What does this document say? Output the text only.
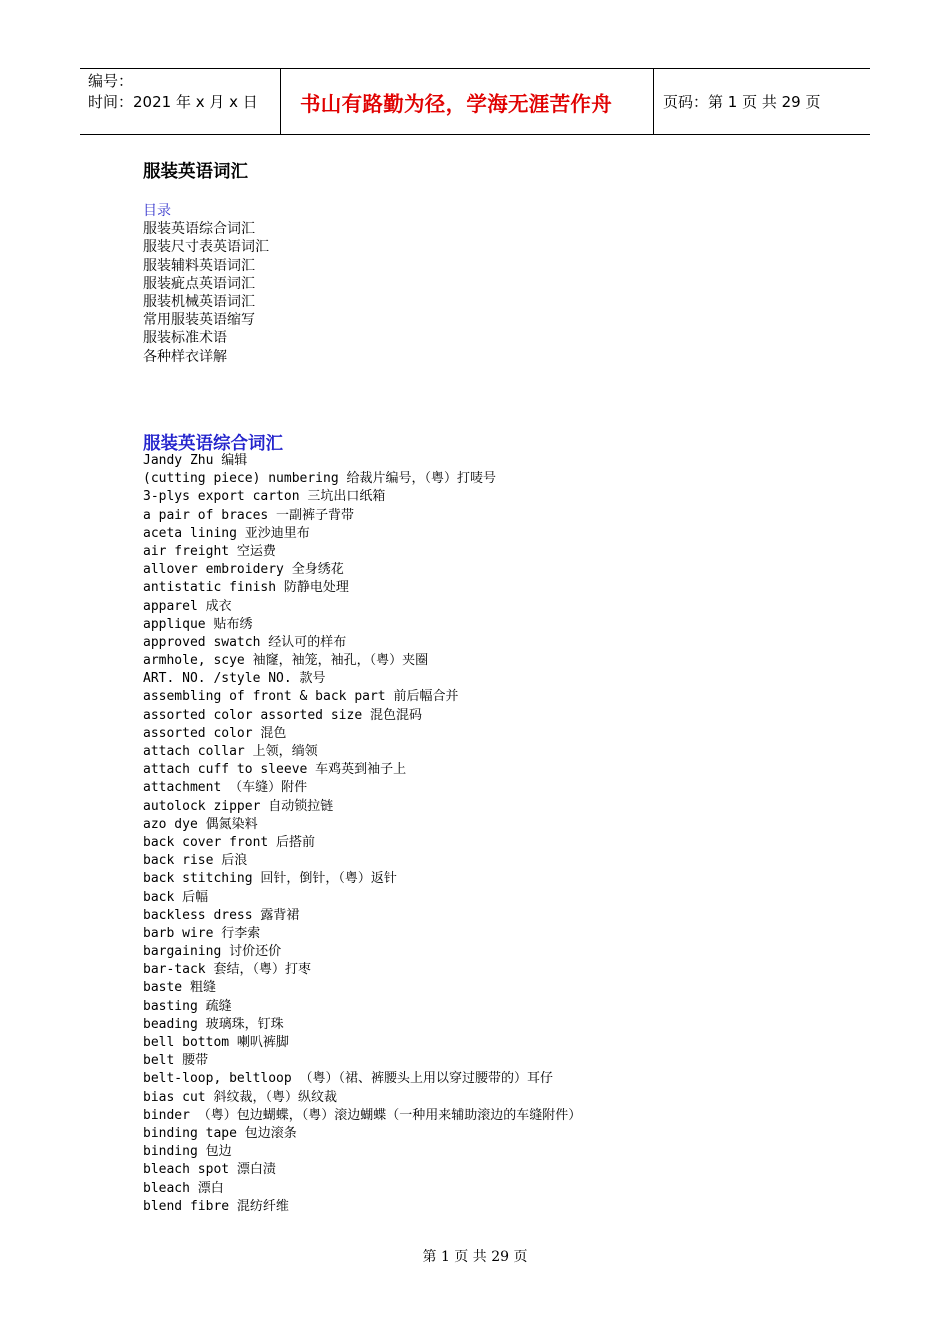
编号：
时间：2021 年 x 月 x 日	书山有路勤为径，学海无涯苦作舟	页码：第 1 页 共 29 页
服装英语词汇
目录
服装英语综合词汇
服装尺寸表英语词汇
服装辅料英语词汇
服装疵点英语词汇
服装机械英语词汇
常用服装英语缩写
服装标准术语
各种样衣详解
服装英语综合词汇
Jandy Zhu 编辑
(cutting piece) numbering 给裁片编号，（粤）打唛号
3-plys export carton 三坑出口纸箱
a pair of braces 一副裤子背带
aceta lining 亚沙迪里布
air freight 空运费
allover embroidery 全身绣花
antistatic finish 防静电处理
apparel 成衣
applique 贴布绣
approved swatch 经认可的样布
armhole, scye 袖窿，袖笼，袖孔，（粤）夹圈
ART. NO. /style NO. 款号
assembling of front & back part 前后幅合并
assorted color assorted size 混色混码
assorted color 混色
attach collar 上领，绱领
attach cuff to sleeve 车鸡英到袖子上
attachment （车缝）附件
autolock zipper 自动锁拉链
azo dye 偶氮染料
back cover front 后搭前
back rise 后浪
back stitching 回针，倒针，（粤）返针
back 后幅
backless dress 露背裙
barb wire 行李索
bargaining 讨价还价
bar-tack 套结，（粤）打枣
baste 粗缝
basting 疏缝
beading 玻璃珠，钉珠
bell bottom 喇叭裤脚
belt 腰带
belt-loop, beltloop （粤）（裙、裤腰头上用以穿过腰带的）耳仔
bias cut 斜纹裁，（粤）纵纹裁
binder （粤）包边蝴蝶，（粤）滚边蝴蝶（一种用来辅助滚边的车缝附件）
binding tape 包边滚条
binding 包边
bleach spot 漂白渍
bleach 漂白
blend fibre 混纺纤维
第 1 页 共 29 页
